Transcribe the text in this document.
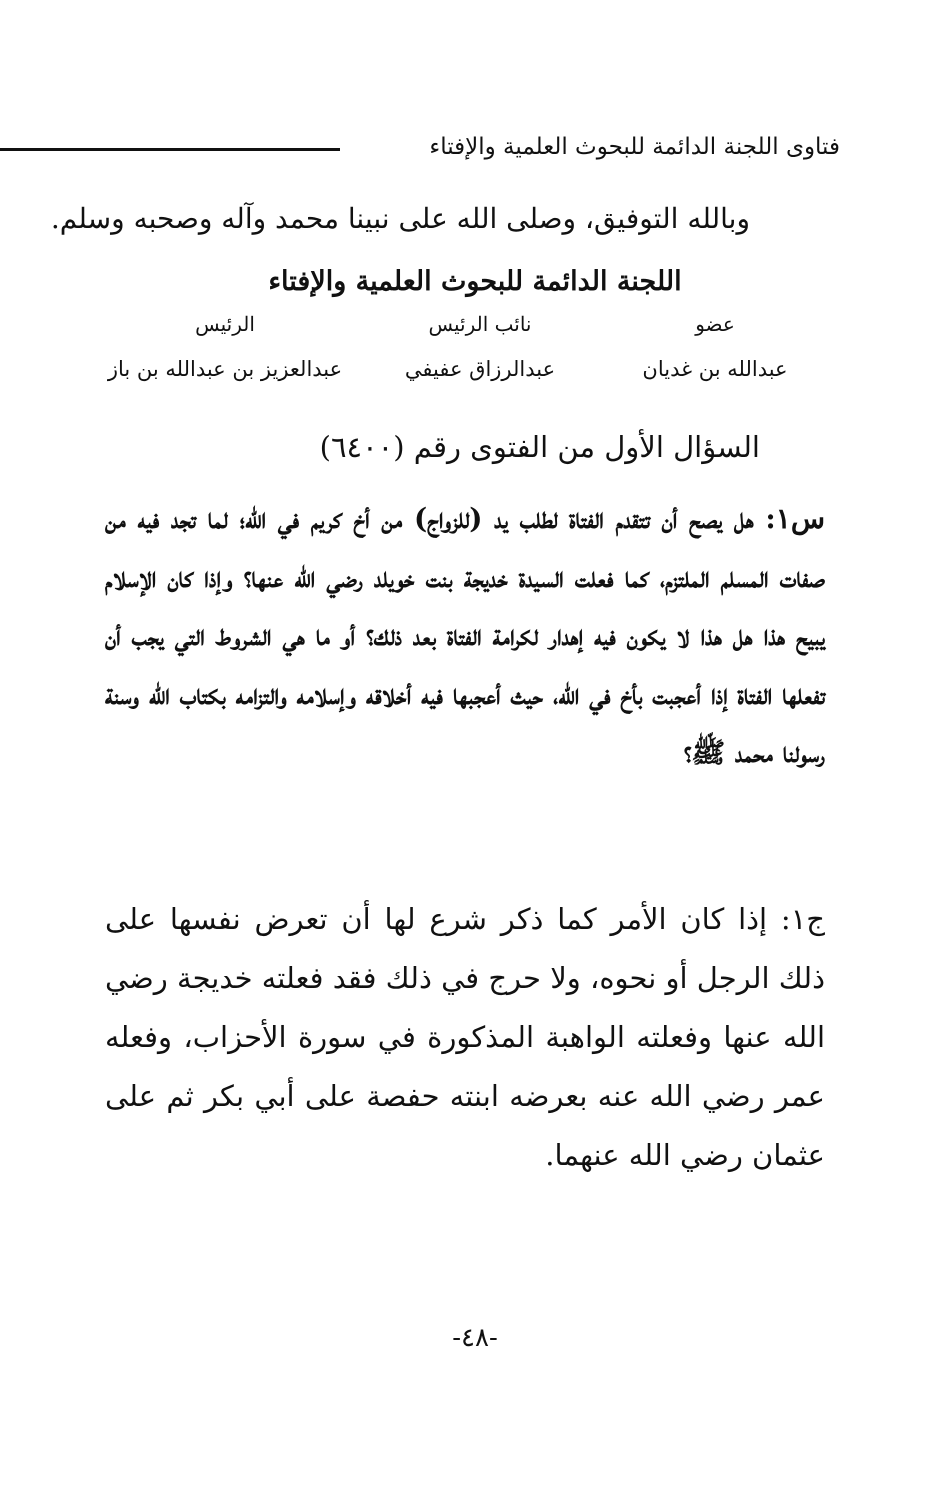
فتاوى اللجنة الدائمة للبحوث العلمية والإفتاء
وبالله التوفيق، وصلى الله على نبينا محمد وآله وصحبه وسلم.
اللجنة الدائمة للبحوث العلمية والإفتاء
عضو
نائب الرئيس
الرئيس
عبدالله بن غديان
عبدالرزاق عفيفي
عبدالعزيز بن عبدالله بن باز
السؤال الأول من الفتوى رقم (٦٤٠٠)
س١: هل يصح أن تتقدم الفتاة لطلب يد (للزواج) من أخ كريم في الله؛ لما تجد فيه من صفات المسلم الملتزم، كما فعلت السيدة خديجة بنت خويلد رضي الله عنها؟ وإذا كان الإسلام يبيح هذا هل هذا لا يكون فيه إهدار لكرامة الفتاة بعد ذلك؟ أو ما هي الشروط التي يجب أن تفعلها الفتاة إذا أعجبت بأخ في الله، حيث أعجبها فيه أخلاقه وإسلامه والتزامه بكتاب الله وسنة رسولنا محمد ﷺ؟
ج١: إذا كان الأمر كما ذكر شرع لها أن تعرض نفسها على ذلك الرجل أو نحوه، ولا حرج في ذلك فقد فعلته خديجة رضي الله عنها وفعلته الواهبة المذكورة في سورة الأحزاب، وفعله عمر رضي الله عنه بعرضه ابنته حفصة على أبي بكر ثم على عثمان رضي الله عنهما.
-٤٨-
